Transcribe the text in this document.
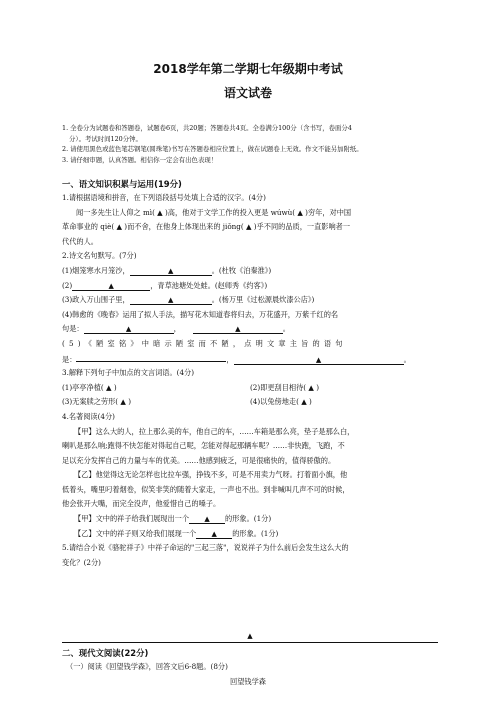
2018学年第二学期七年级期中考试
语文试卷
1. 全卷分为试题卷和答题卷，试题卷6页，共20题；答题卷共4页。全卷满分100分（含书写，卷面分4
分）。考试时间120分钟。
2. 请使用黑色或蓝色笔芯钢笔(圆珠笔)书写在答题卷相应位置上，做在试题卷上无效。作文不能另加附纸。
3. 请仔细审题，认真答题。相信你一定会有出色表现！
一、语文知识积累与运用(19分)
1.请根据语境和拼音，在下列语段括号处填上合适的汉字。(4分)
闻一多先生让人仰之 mì( ▲ )高，他对于文学工作的投入更是 wúwù( ▲ )穷年，对中国
革命事业的 qiè( ▲ )而不舍，在他身上体现出来的 jiǒng( ▲ )乎不同的品质，一直影响者一
代代的人。
2.诗文名句默写。(7分)
(1)烟笼寒水月笼沙，	▲	。(杜牧《泊秦淮》)
(2)	▲	，青草池塘处处蛙。(赵师秀《约客》)
(3)政入万山围子里，	▲	。(杨万里《过松源晨炊漆公店》)
(4)韩愈的《晚春》运用了拟人手法，描写花木知道春将归去，万花盛开，万紫千红的名
句是：	▲	，	▲	。
(5)《陋室铭》中暗示陋室而不陋，点明文章主旨的语句
是：	，	▲	。
3.解释下列句子中加点的文言词语。(4分)
(1)亭亭净植( ▲ )	(2)即更刮目相待( ▲ )
(3)无案牍之劳形( ▲ )	(4)以兔傍地走( ▲ )
4.名著阅读(4分)
【甲】这么大的人，拉上那么美的车，他自己的车，……车箱是那么亮，垫子是那么白，
喇叭是那么响;跑得不快怎能对得起自己呢，怎能对得起那辆车呢？……非快跑，飞跑，不
足以充分发挥自己的力量与车的优美。……他感到疲乏，可是很痛快的，值得骄傲的。
【乙】他觉得这无论怎样也比拉车强，挣钱不多，可是不用卖力气呀。打着面小旗，他
低着头，嘴里叼着烟卷，似笑非笑的随着大家走，一声也不出。到非喊叫几声不可的时候，
他会张开大嘴，而完全没声，他爱惜自己的嗓子。
【甲】文中的祥子给我们展现出一个 ▲ 的形象。(1分)
【乙】文中的祥子则又给我们展现一个 ▲ 的形象。(1分)
5.请结合小说《骆驼祥子》中祥子命运的"三起三落"，说说祥子为什么前后会发生这么大的
变化？(2分)
▲
二、现代文阅读(22分)
（一）阅读《回望钱学森》，回答文后6-8题。(8分)
回望钱学森
